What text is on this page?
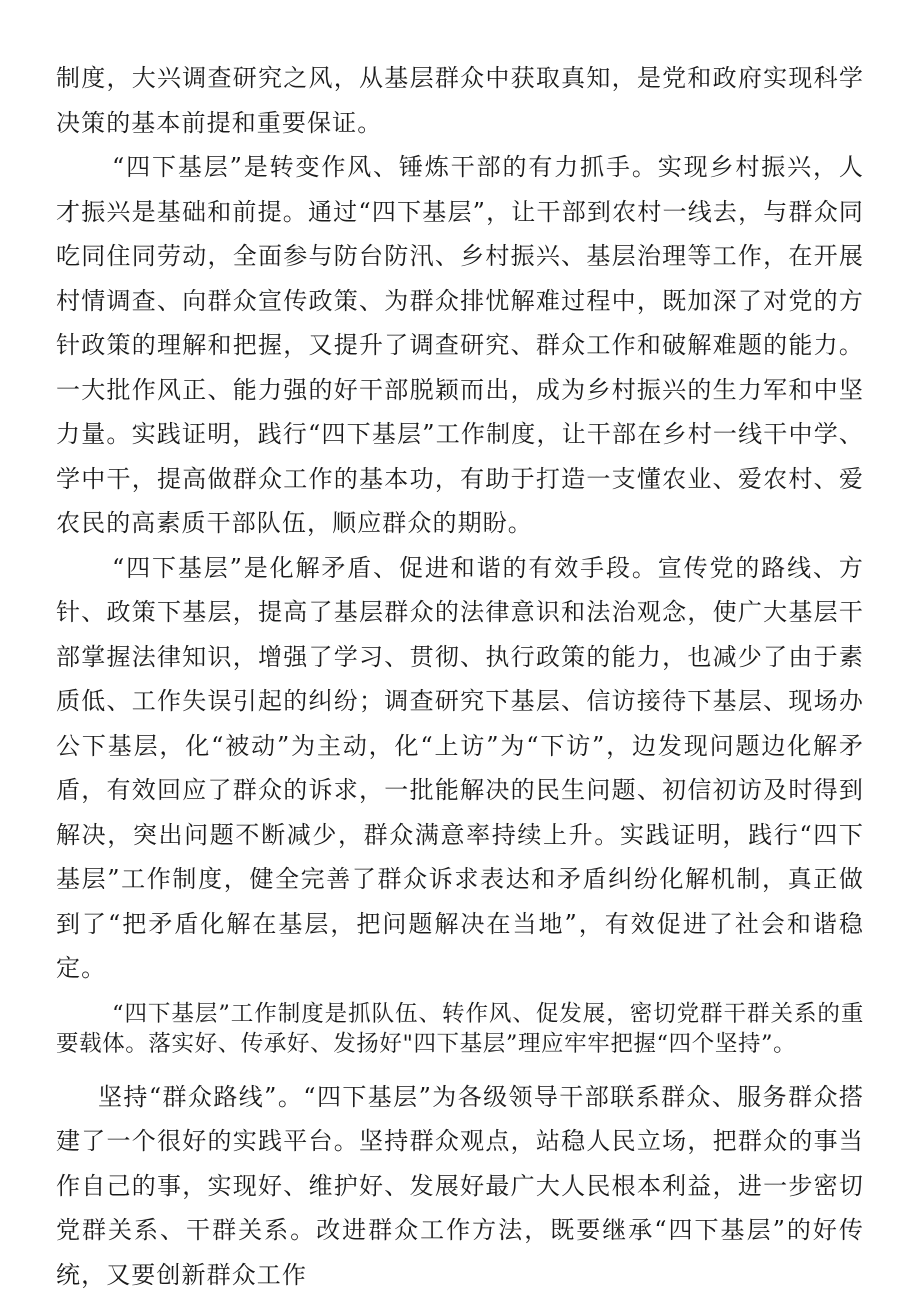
制度，大兴调查研究之风，从基层群众中获取真知，是党和政府实现科学决策的基本前提和重要保证。

“四下基层”是转变作风、锤炼干部的有力抓手。实现乡村振兴，人才振兴是基础和前提。通过“四下基层”，让干部到农村一线去，与群众同吃同住同劳动，全面参与防台防汛、乡村振兴、基层治理等工作，在开展村情调查、向群众宣传政策、为群众排忧解难过程中，既加深了对党的方针政策的理解和把握，又提升了调查研究、群众工作和破解难题的能力。一大批作风正、能力强的好干部脱颖而出，成为乡村振兴的生力军和中坚力量。实践证明，践行“四下基层”工作制度，让干部在乡村一线干中学、学中干，提高做群众工作的基本功，有助于打造一支懂农业、爱农村、爱农民的高素质干部队伍，顺应群众的期盼。

“四下基层”是化解矛盾、促进和谐的有效手段。宣传党的路线、方针、政策下基层，提高了基层群众的法律意识和法治观念，使广大基层干部掌握法律知识，增强了学习、贯彻、执行政策的能力，也减少了由于素质低、工作失误引起的纠纷；调查研究下基层、信访接待下基层、现场办公下基层，化“被动”为主动，化“上访”为“下访”，边发现问题边化解矛盾，有效回应了群众的诉求，一批能解决的民生问题、初信初访及时得到解决，突出问题不断减少，群众满意率持续上升。实践证明，践行“四下基层”工作制度，健全完善了群众诉求表达和矛盾纠纷化解机制，真正做到了“把矛盾化解在基层，把问题解决在当地”，有效促进了社会和谐稳定。

“四下基层”工作制度是抓队伍、转作风、促发展，密切党群干群关系的重要载体。落实好、传承好、发扬好"四下基层”理应牢牢把握“四个坚持”。

坚持“群众路线”。“四下基层”为各级领导干部联系群众、服务群众搭建了一个很好的实践平台。坚持群众观点，站稳人民立场，把群众的事当作自己的事，实现好、维护好、发展好最广大人民根本利益，进一步密切党群关系、干群关系。改进群众工作方法，既要继承“四下基层”的好传统，又要创新群众工作
